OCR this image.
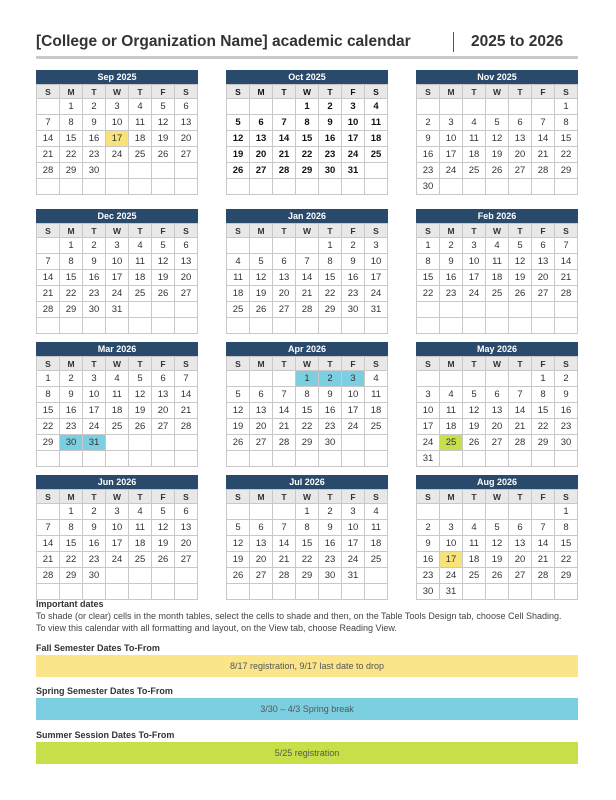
[College or Organization Name] academic calendar	2025 to 2026
Sep 2025
S	M	T	W	T	F	S
	1	2	3	4	5	6
7	8	9	10	11	12	13
14	15	16	17	18	19	20
21	22	23	24	25	26	27
28	29	30				

Oct 2025
S	M	T	W	T	F	S
			1	2	3	4
5	6	7	8	9	10	11
12	13	14	15	16	17	18
19	20	21	22	23	24	25
26	27	28	29	30	31	

Nov 2025
S	M	T	W	T	F	S
						1
2	3	4	5	6	7	8
9	10	11	12	13	14	15
16	17	18	19	20	21	22
23	24	25	26	27	28	29
30						
Dec 2025
S	M	T	W	T	F	S
	1	2	3	4	5	6
7	8	9	10	11	12	13
14	15	16	17	18	19	20
21	22	23	24	25	26	27
28	29	30	31			

Jan 2026
S	M	T	W	T	F	S
				1	2	3
4	5	6	7	8	9	10
11	12	13	14	15	16	17
18	19	20	21	22	23	24
25	26	27	28	29	30	31

Feb 2026
S	M	T	W	T	F	S
1	2	3	4	5	6	7
8	9	10	11	12	13	14
15	16	17	18	19	20	21
22	23	24	25	26	27	28

Mar 2026
S	M	T	W	T	F	S
1	2	3	4	5	6	7
8	9	10	11	12	13	14
15	16	17	18	19	20	21
22	23	24	25	26	27	28
29	30	31				

Apr 2026
S	M	T	W	T	F	S
			1	2	3	4
5	6	7	8	9	10	11
12	13	14	15	16	17	18
19	20	21	22	23	24	25
26	27	28	29	30		

May 2026
S	M	T	W	T	F	S
					1	2
3	4	5	6	7	8	9
10	11	12	13	14	15	16
17	18	19	20	21	22	23
24	25	26	27	28	29	30
31						
Jun 2026
S	M	T	W	T	F	S
	1	2	3	4	5	6
7	8	9	10	11	12	13
14	15	16	17	18	19	20
21	22	23	24	25	26	27
28	29	30				

Jul 2026
S	M	T	W	T	F	S
			1	2	3	4
5	6	7	8	9	10	11
12	13	14	15	16	17	18
19	20	21	22	23	24	25
26	27	28	29	30	31	

Aug 2026
S	M	T	W	T	F	S
						1
2	3	4	5	6	7	8
9	10	11	12	13	14	15
16	17	18	19	20	21	22
23	24	25	26	27	28	29
30	31					
Important dates
To shade (or clear) cells in the month tables, select the cells to shade and then, on the Table Tools Design tab, choose Cell Shading.
To view this calendar with all formatting and layout, on the View tab, choose Reading View.
Fall Semester Dates To-From
8/17 registration, 9/17 last date to drop
Spring Semester Dates To-From
3/30 – 4/3 Spring break
Summer Session Dates To-From
5/25 registration
